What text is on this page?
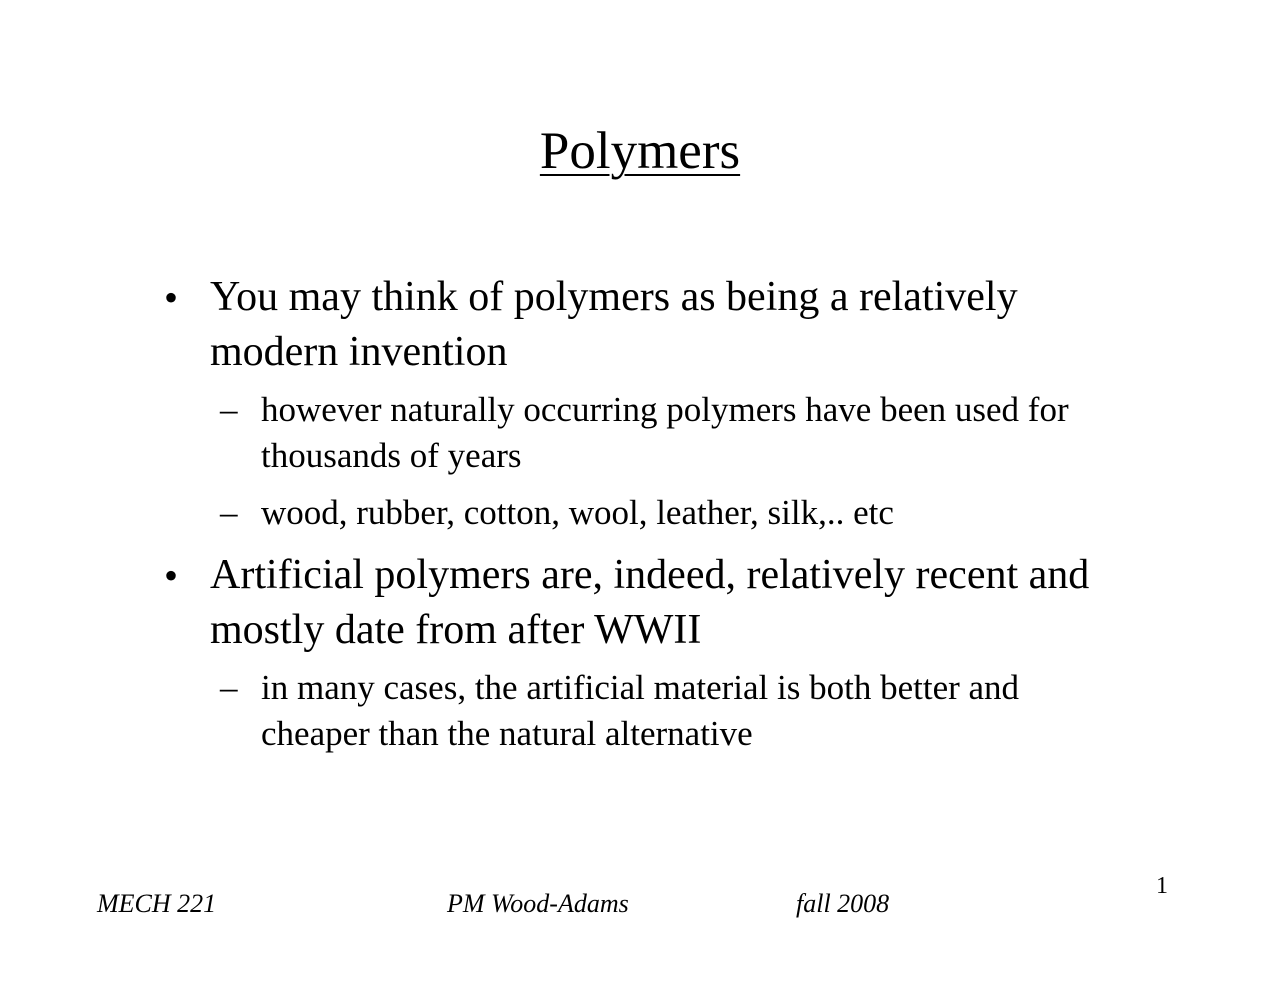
Polymers
• You may think of polymers as being a relatively modern invention
– however naturally occurring polymers have been used for thousands of years
– wood, rubber, cotton, wool, leather, silk,.. etc
• Artificial polymers are, indeed, relatively recent and mostly date from after WWII
– in many cases, the artificial material is both better and cheaper than the natural alternative
1
MECH 221	PM Wood-Adams	fall 2008
